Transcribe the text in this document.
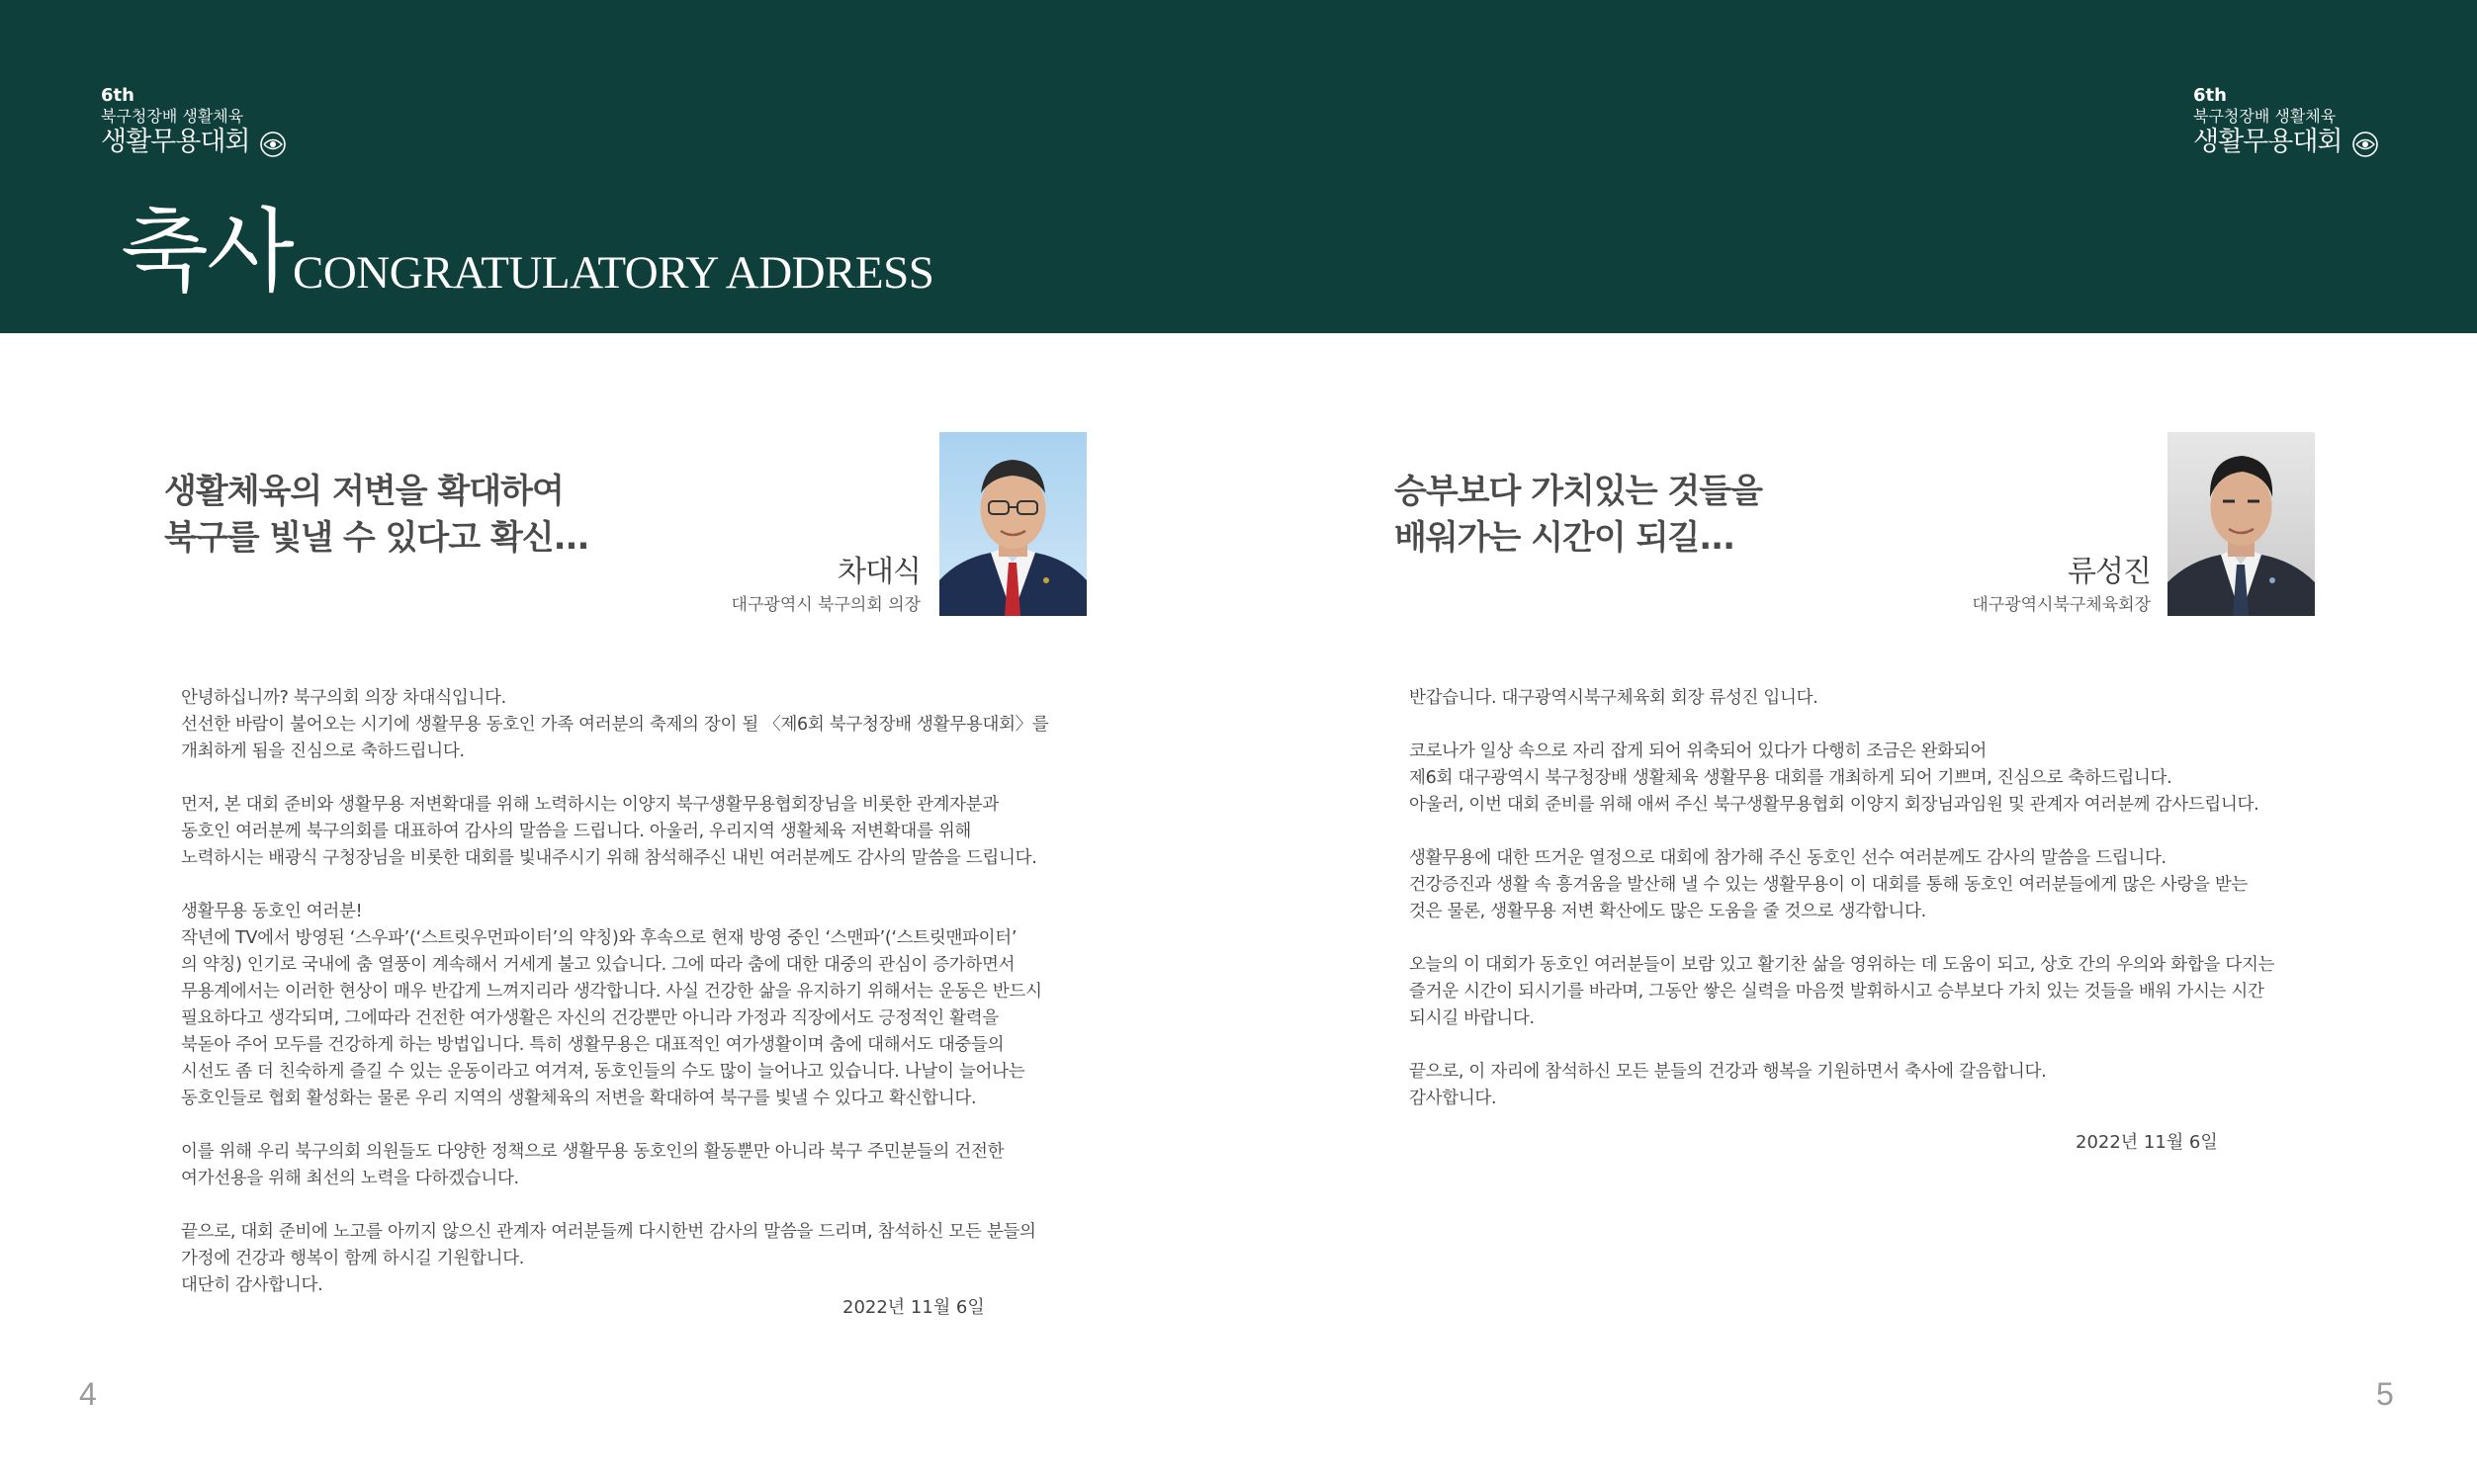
6th
북구청장배 생활체육
생활무용대회
6th
북구청장배 생활체육
생활무용대회
축사 CONGRATULATORY ADDRESS
생활체육의 저변을 확대하여
북구를 빛낼 수 있다고 확신...
차대식
대구광역시 북구의회 의장

안녕하십니까? 북구의회 의장 차대식입니다.

선선한 바람이 불어오는 시기에 생활무용 동호인 가족 여러분의 축제의 장이 될 〈제6회 북구청장배 생활무용대회〉를

개최하게 됨을 진심으로 축하드립니다.

먼저, 본 대회 준비와 생활무용 저변확대를 위해 노력하시는 이양지 북구생활무용협회장님을 비롯한 관계자분과

동호인 여러분께 북구의회를 대표하여 감사의 말씀을 드립니다. 아울러, 우리지역 생활체육 저변확대를 위해

노력하시는 배광식 구청장님을 비롯한 대회를 빛내주시기 위해 참석해주신 내빈 여러분께도 감사의 말씀을 드립니다.

생활무용 동호인 여러분!

작년에 TV에서 방영된 ‘스우파’(‘스트릿우먼파이터’의 약칭)와 후속으로 현재 방영 중인 ‘스맨파’(‘스트릿맨파이터’

의 약칭) 인기로 국내에 춤 열풍이 계속해서 거세게 불고 있습니다. 그에 따라 춤에 대한 대중의 관심이 증가하면서

무용계에서는 이러한 현상이 매우 반갑게 느껴지리라 생각합니다. 사실 건강한 삶을 유지하기 위해서는 운동은 반드시

필요하다고 생각되며, 그에따라 건전한 여가생활은 자신의 건강뿐만 아니라 가정과 직장에서도 긍정적인 활력을

북돋아 주어 모두를 건강하게 하는 방법입니다. 특히 생활무용은 대표적인 여가생활이며 춤에 대해서도 대중들의

시선도 좀 더 친숙하게 즐길 수 있는 운동이라고 여겨져, 동호인들의 수도 많이 늘어나고 있습니다. 나날이 늘어나는

동호인들로 협회 활성화는 물론 우리 지역의 생활체육의 저변을 확대하여 북구를 빛낼 수 있다고 확신합니다.

이를 위해 우리 북구의회 의원들도 다양한 정책으로 생활무용 동호인의 활동뿐만 아니라 북구 주민분들의 건전한

여가선용을 위해 최선의 노력을 다하겠습니다.

끝으로, 대회 준비에 노고를 아끼지 않으신 관계자 여러분들께 다시한번 감사의 말씀을 드리며, 참석하신 모든 분들의

가정에 건강과 행복이 함께 하시길 기원합니다.

대단히 감사합니다.

2022년 11월 6일
4
승부보다 가치있는 것들을
배워가는 시간이 되길...
류성진
대구광역시북구체육회장

반갑습니다. 대구광역시북구체육회 회장 류성진 입니다.

코로나가 일상 속으로 자리 잡게 되어 위축되어 있다가 다행히 조금은 완화되어

제6회 대구광역시 북구청장배 생활체육 생활무용 대회를 개최하게 되어 기쁘며, 진심으로 축하드립니다.

아울러, 이번 대회 준비를 위해 애써 주신 북구생활무용협회 이양지 회장님과임원 및 관계자 여러분께 감사드립니다.

생활무용에 대한 뜨거운 열정으로 대회에 참가해 주신 동호인 선수 여러분께도 감사의 말씀을 드립니다.

건강증진과 생활 속 흥겨움을 발산해 낼 수 있는 생활무용이 이 대회를 통해 동호인 여러분들에게 많은 사랑을 받는

것은 물론, 생활무용 저변 확산에도 많은 도움을 줄 것으로 생각합니다.

오늘의 이 대회가 동호인 여러분들이 보람 있고 활기찬 삶을 영위하는 데 도움이 되고, 상호 간의 우의와 화합을 다지는

즐거운 시간이 되시기를 바라며, 그동안 쌓은 실력을 마음껏 발휘하시고 승부보다 가치 있는 것들을 배워 가시는 시간

되시길 바랍니다.

끝으로, 이 자리에 참석하신 모든 분들의 건강과 행복을 기원하면서 축사에 갈음합니다.

감사합니다.

2022년 11월 6일
5
